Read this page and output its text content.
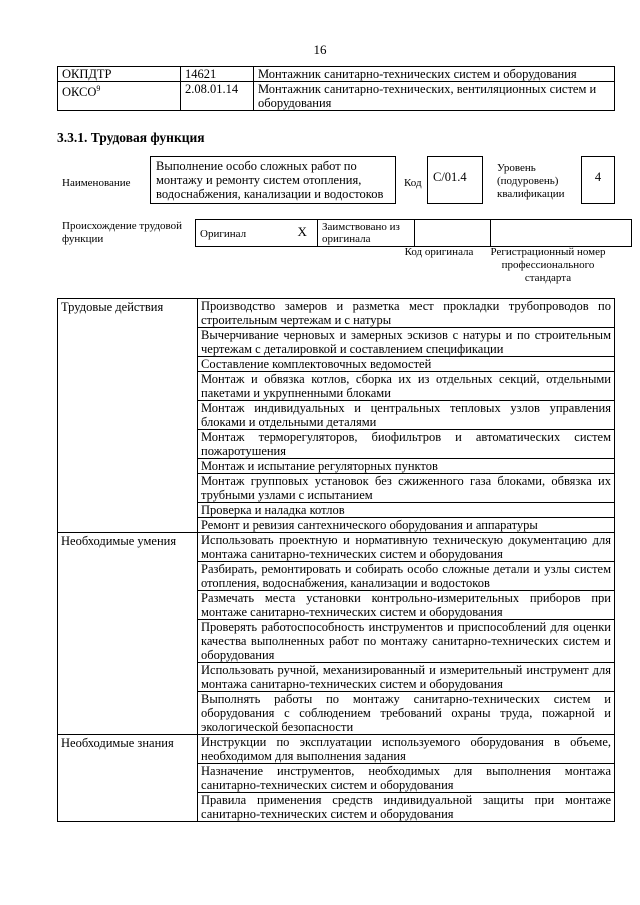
16
ОКПДТР	14621	Монтажник санитарно-технических систем и оборудования
ОКСО$^9$	2.08.01.14	Монтажник санитарно-технических, вентиляционных систем и оборудования
3.3.1. Трудовая функция
Наименование
Выполнение особо сложных работ по монтажу и ремонту систем отопления, водоснабжения, канализации и водостоков
Код C/01.4
Уровень (подуровень) квалификации
4
Происхождение трудовой функции	Оригинал	X	Заимствовано из оригинала		
Код оригинала	Регистрационный номер профессионального стандарта
Трудовые действия	Производство замеров и разметка мест прокладки трубопроводов по строительным чертежам и с натуры
	Вычерчивание черновых и замерных эскизов с натуры и по строительным чертежам с деталировкой и составлением спецификации
	Составление комплектовочных ведомостей
	Монтаж и обвязка котлов, сборка их из отдельных секций, отдельными пакетами и укрупненными блоками
	Монтаж индивидуальных и центральных тепловых узлов управления блоками и отдельными деталями
	Монтаж терморегуляторов, биофильтров и автоматических систем пожаротушения
	Монтаж и испытание регуляторных пунктов
	Монтаж групповых установок без сжиженного газа блоками, обвязка их трубными узлами с испытанием
	Проверка и наладка котлов
	Ремонт и ревизия сантехнического оборудования и аппаратуры
Необходимые умения	Использовать проектную и нормативную техническую документацию для монтажа санитарно-технических систем и оборудования
	Разбирать, ремонтировать и собирать особо сложные детали и узлы систем отопления, водоснабжения, канализации и водостоков
	Размечать места установки контрольно-измерительных приборов при монтаже санитарно-технических систем и оборудования
	Проверять работоспособность инструментов и приспособлений для оценки качества выполненных работ по монтажу санитарно-технических систем и оборудования
	Использовать ручной, механизированный и измерительный инструмент для монтажа санитарно-технических систем и оборудования
	Выполнять работы по монтажу санитарно-технических систем и оборудования с соблюдением требований охраны труда, пожарной и экологической безопасности
Необходимые знания	Инструкции по эксплуатации используемого оборудования в объеме, необходимом для выполнения задания
	Назначение инструментов, необходимых для выполнения монтажа санитарно-технических систем и оборудования
	Правила применения средств индивидуальной защиты при монтаже санитарно-технических систем и оборудования
